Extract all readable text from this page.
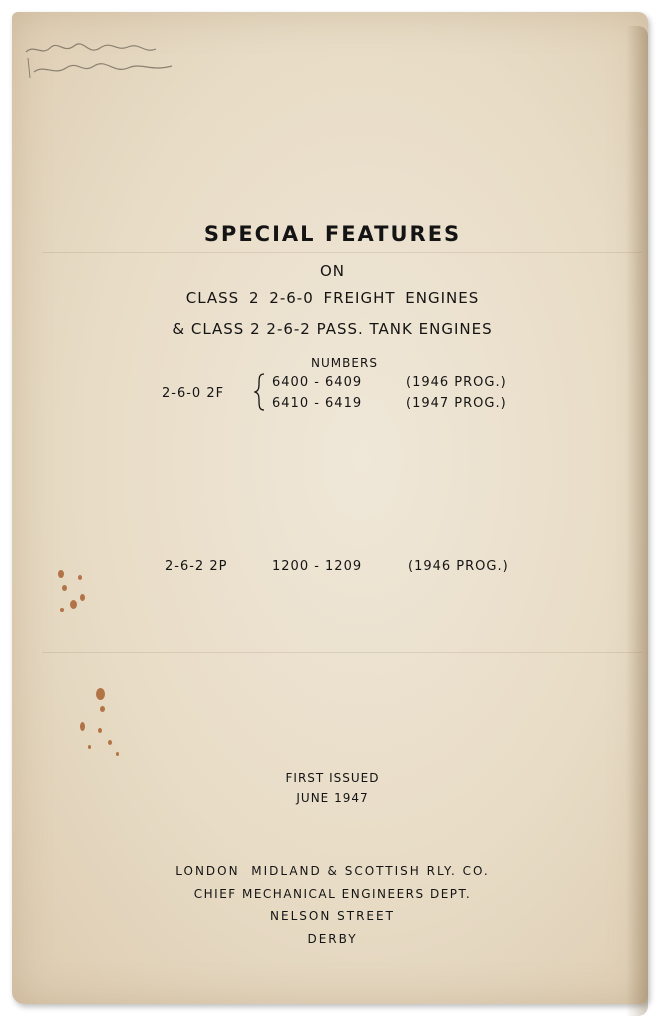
SPECIAL FEATURES
ON
CLASS 2 2-6-0 FREIGHT ENGINES
& CLASS 2 2-6-2 PASS. TANK ENGINES
NUMBERS
2-6-0 2F
6400 - 6409	(1946 PROG.)
6410 - 6419	(1947 PROG.)
2-6-2 2P	1200 - 1209	(1946 PROG.)
FIRST ISSUED
JUNE 1947
LONDON  MIDLAND & SCOTTISH RLY. CO.
CHIEF MECHANICAL ENGINEERS DEPT.
NELSON STREET
DERBY
